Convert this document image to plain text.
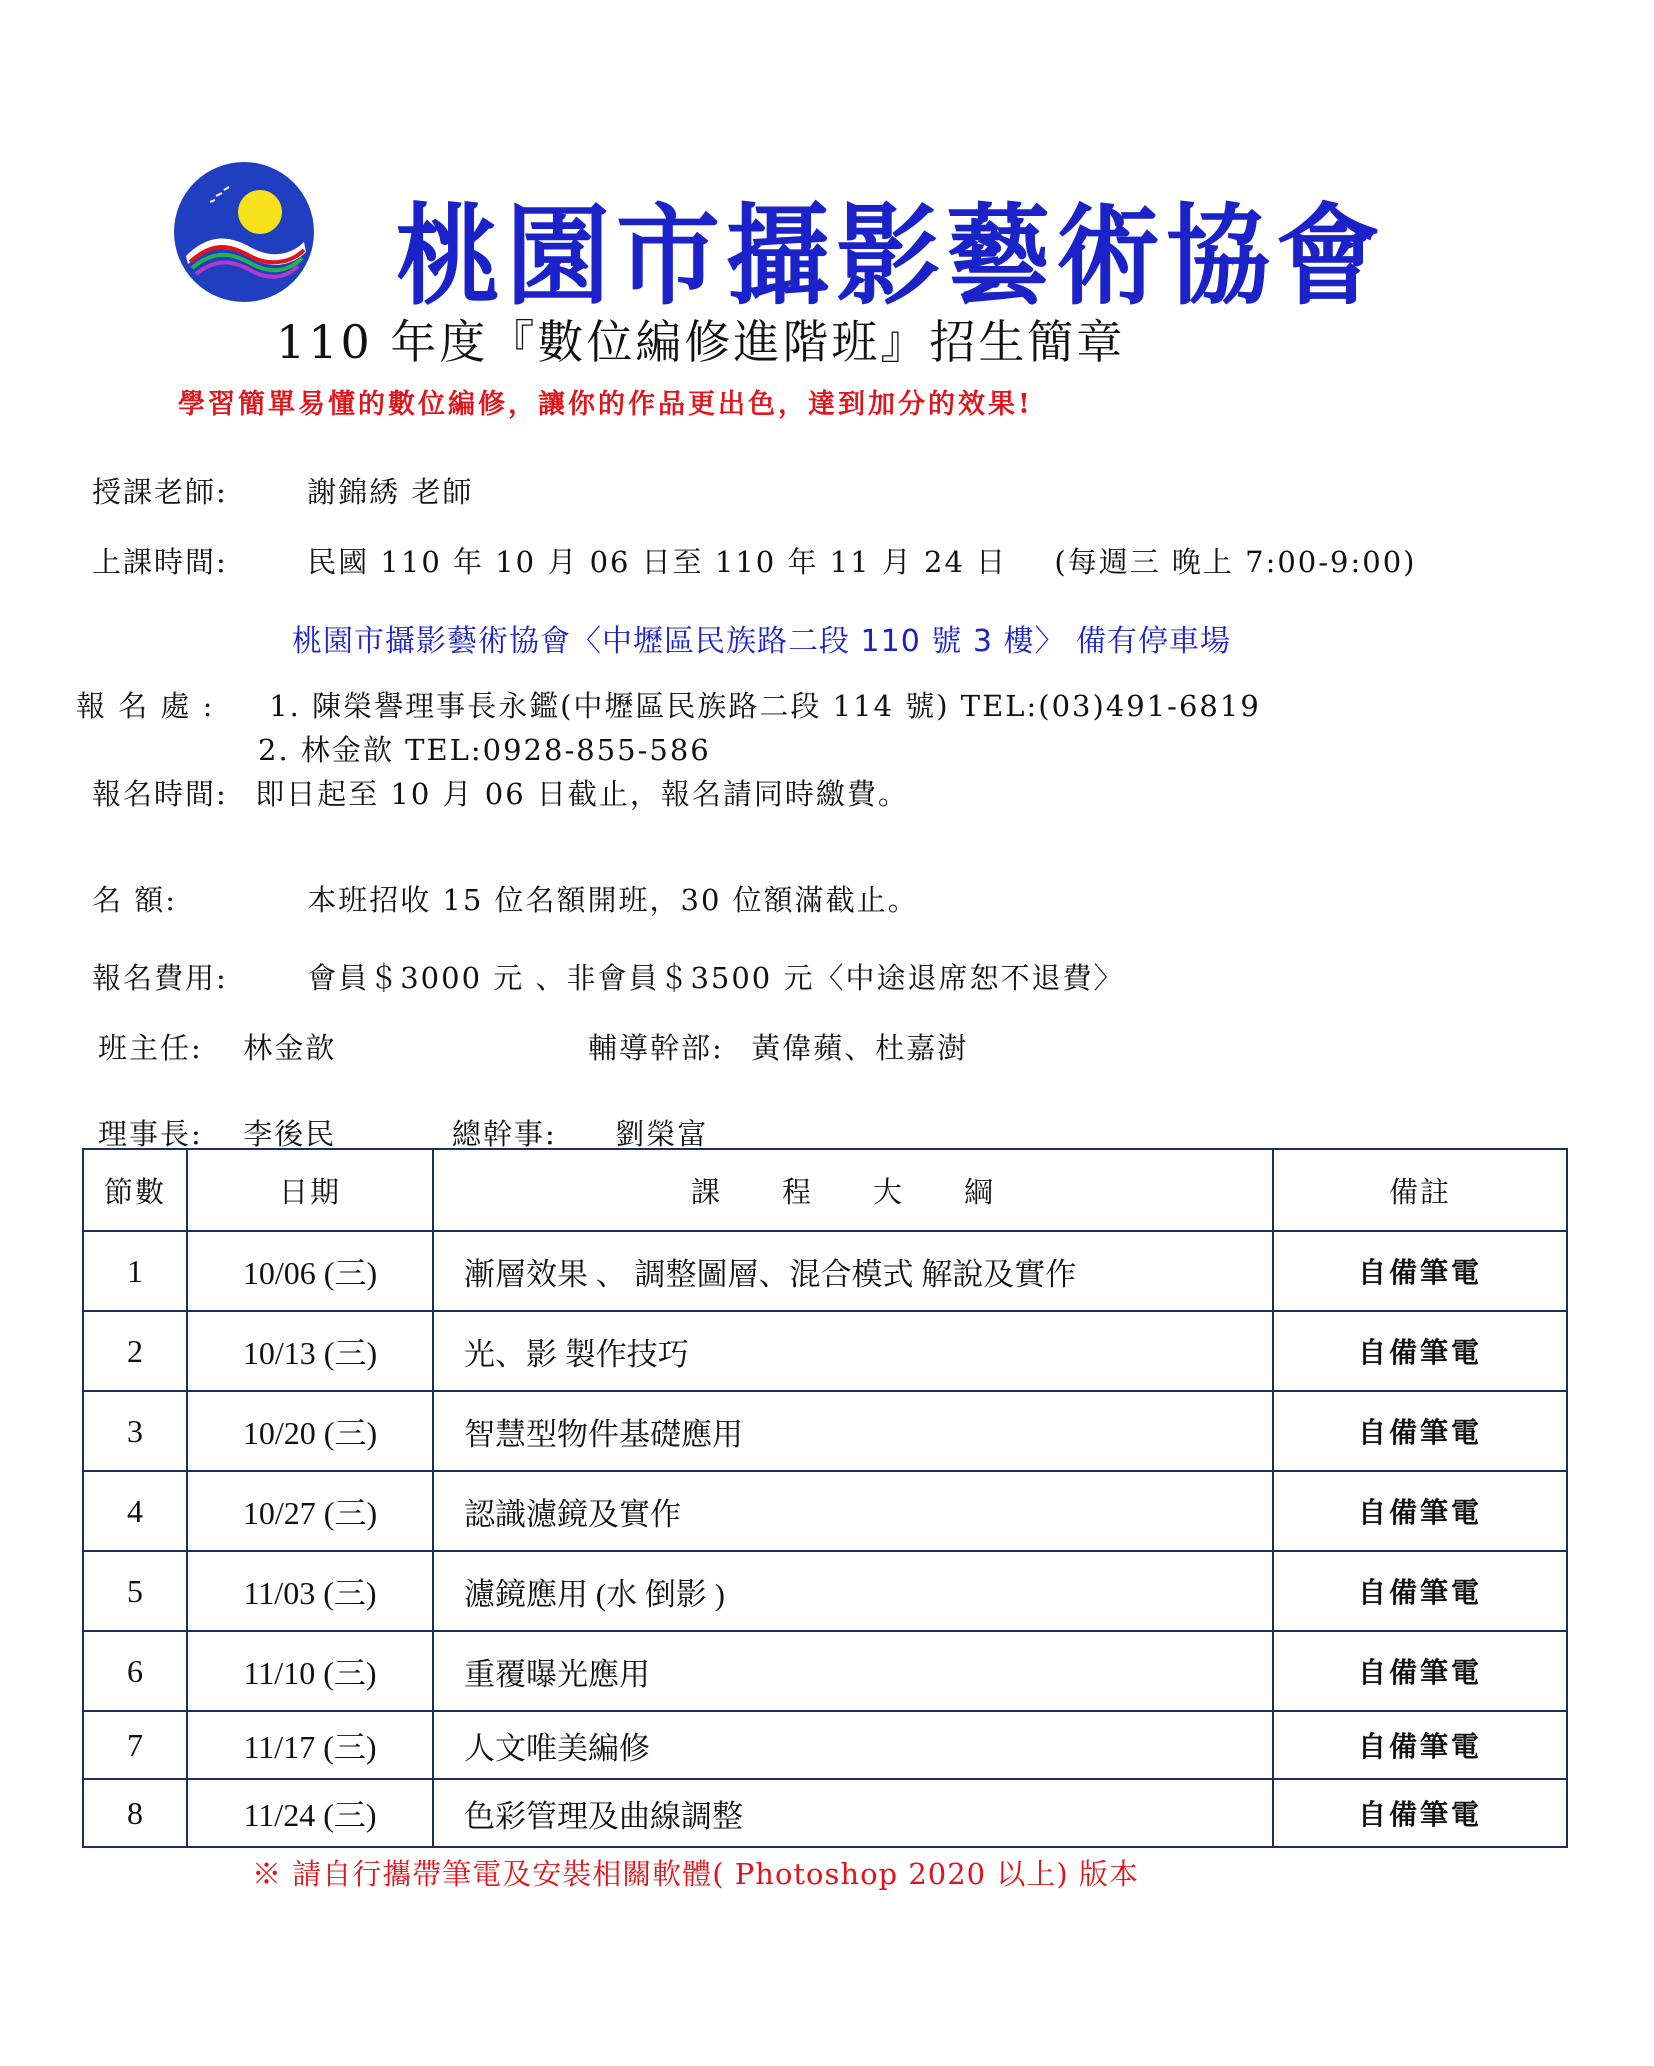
桃園市攝影藝術協會
110 年度『數位編修進階班』招生簡章
學習簡單易懂的數位編修，讓你的作品更出色，達到加分的效果!
授課老師:	謝錦綉 老師
上課時間:	民國 110 年 10 月 06 日至 110 年 11 月 24 日 (每週三 晚上 7:00-9:00)
桃園市攝影藝術協會〈中壢區民族路二段 110 號 3 樓〉 備有停車場
報 名 處 : 1. 陳榮譽理事長永鑑(中壢區民族路二段 114 號) TEL:(03)491-6819
2. 林金歆 TEL:0928-855-586
報名時間: 即日起至 10 月 06 日截止，報名請同時繳費。
名 額:	本班招收 15 位名額開班，30 位額滿截止。
報名費用:	會員＄3000 元 、非會員＄3500 元〈中途退席恕不退費〉
班主任: 林金歆	輔導幹部: 黃偉蘋、杜嘉澍
理事長: 李後民	總幹事: 劉榮富
節數	日期	課程大綱	備註
1	10/06 (三)	漸層效果 、 調整圖層、混合模式 解說及實作	自備筆電
2	10/13 (三)	光、影 製作技巧	自備筆電
3	10/20 (三)	智慧型物件基礎應用	自備筆電
4	10/27 (三)	認識濾鏡及實作	自備筆電
5	11/03 (三)	濾鏡應用 (水 倒影 )	自備筆電
6	11/10 (三)	重覆曝光應用	自備筆電
7	11/17 (三)	人文唯美編修	自備筆電
8	11/24 (三)	色彩管理及曲線調整	自備筆電
※ 請自行攜帶筆電及安裝相關軟體( Photoshop 2020 以上) 版本
